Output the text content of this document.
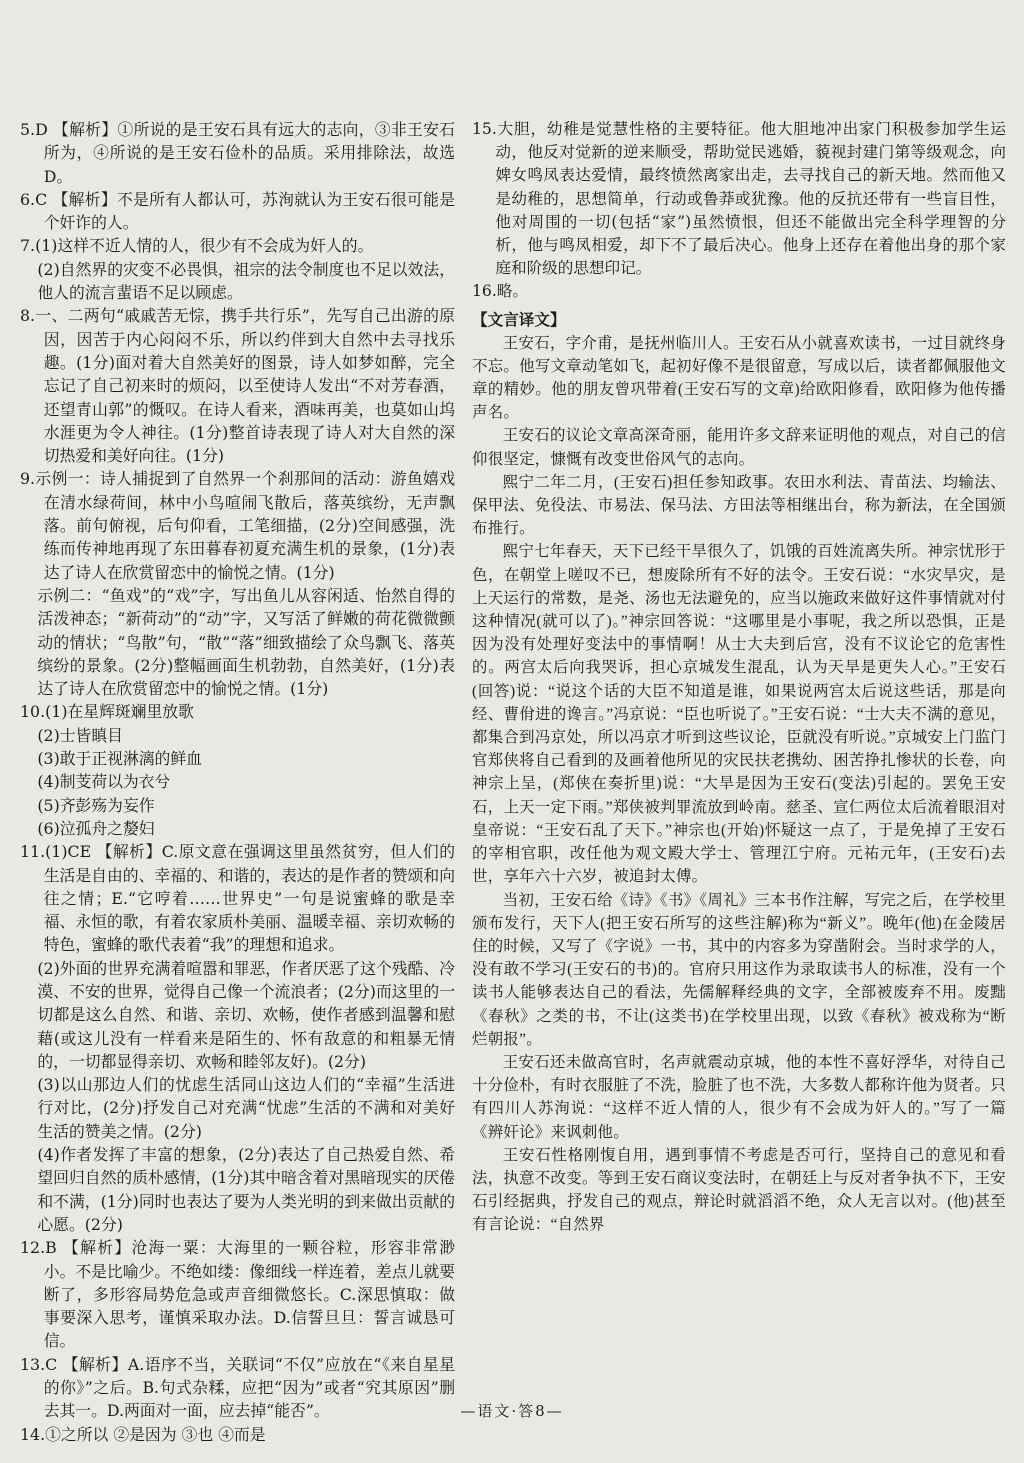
5.D 【解析】①所说的是王安石具有远大的志向，③非王安石所为，④所说的是王安石俭朴的品质。采用排除法，故选D。

6.C 【解析】不是所有人都认可，苏洵就认为王安石很可能是个奸诈的人。

7.(1)这样不近人情的人，很少有不会成为奸人的。

(2)自然界的灾变不必畏惧，祖宗的法令制度也不足以效法，他人的流言蜚语不足以顾虑。

8.一、二两句“戚戚苦无悰，携手共行乐”，先写自己出游的原因，因苦于内心闷闷不乐，所以约伴到大自然中去寻找乐趣。(1分)面对着大自然美好的图景，诗人如梦如醉，完全忘记了自己初来时的烦闷，以至使诗人发出“不对芳春酒，还望青山郭”的慨叹。在诗人看来，酒味再美，也莫如山坞水涯更为令人神往。(1分)整首诗表现了诗人对大自然的深切热爱和美好向往。(1分)

9.示例一：诗人捕捉到了自然界一个刹那间的活动：游鱼嬉戏在清水绿荷间，林中小鸟喧闹飞散后，落英缤纷，无声飘落。前句俯视，后句仰看，工笔细描，(2分)空间感强，洗练而传神地再现了东田暮春初夏充满生机的景象，(1分)表达了诗人在欣赏留恋中的愉悦之情。(1分)

示例二：“鱼戏”的“戏”字，写出鱼儿从容闲适、怡然自得的活泼神态；“新荷动”的“动”字，又写活了鲜嫩的荷花微微颤动的情状；“鸟散”句，“散”“落”细致描绘了众鸟飘飞、落英缤纷的景象。(2分)整幅画面生机勃勃，自然美好，(1分)表达了诗人在欣赏留恋中的愉悦之情。(1分)

10.(1)在星辉斑斓里放歌

(2)士皆瞋目

(3)敢于正视淋漓的鲜血

(4)制芰荷以为衣兮

(5)齐彭殇为妄作

(6)泣孤舟之嫠妇

11.(1)CE 【解析】C.原文意在强调这里虽然贫穷，但人们的生活是自由的、幸福的、和谐的，表达的是作者的赞颂和向往之情；E.“它哼着……世界史”一句是说蜜蜂的歌是幸福、永恒的歌，有着农家质朴美丽、温暖幸福、亲切欢畅的特色，蜜蜂的歌代表着“我”的理想和追求。

(2)外面的世界充满着喧嚣和罪恶，作者厌恶了这个残酷、冷漠、不安的世界，觉得自己像一个流浪者；(2分)而这里的一切都是这么自然、和谐、亲切、欢畅，使作者感到温馨和慰藉(或这儿没有一样看来是陌生的、怀有敌意的和粗暴无情的，一切都显得亲切、欢畅和睦邻友好)。(2分)

(3)以山那边人们的忧虑生活同山这边人们的“幸福”生活进行对比，(2分)抒发自己对充满“忧虑”生活的不满和对美好生活的赞美之情。(2分)

(4)作者发挥了丰富的想象，(2分)表达了自己热爱自然、希望回归自然的质朴感情，(1分)其中暗含着对黑暗现实的厌倦和不满，(1分)同时也表达了要为人类光明的到来做出贡献的心愿。(2分)

12.B 【解析】沧海一粟：大海里的一颗谷粒，形容非常渺小。不是比喻少。不绝如缕：像细线一样连着，差点儿就要断了，多形容局势危急或声音细微悠长。C.深思慎取：做事要深入思考，谨慎采取办法。D.信誓旦旦：誓言诚恳可信。

13.C 【解析】A.语序不当，关联词“不仅”应放在“《来自星星的你》”之后。B.句式杂糅，应把“因为”或者“究其原因”删去其一。D.两面对一面，应去掉“能否”。

14.①之所以 ②是因为 ③也 ④而是

15.大胆，幼稚是觉慧性格的主要特征。他大胆地冲出家门积极参加学生运动，他反对觉新的逆来顺受，帮助觉民逃婚，藐视封建门第等级观念，向婢女鸣凤表达爱情，最终愤然离家出走，去寻找自己的新天地。然而他又是幼稚的，思想简单，行动或鲁莽或犹豫。他的反抗还带有一些盲目性，他对周围的一切(包括“家”)虽然愤恨，但还不能做出完全科学理智的分析，他与鸣凤相爱，却下不了最后决心。他身上还存在着他出身的那个家庭和阶级的思想印记。

16.略。

【文言译文】

王安石，字介甫，是抚州临川人。王安石从小就喜欢读书，一过目就终身不忘。他写文章动笔如飞，起初好像不是很留意，写成以后，读者都佩服他文章的精妙。他的朋友曾巩带着(王安石写的文章)给欧阳修看，欧阳修为他传播声名。

王安石的议论文章高深奇丽，能用许多文辞来证明他的观点，对自己的信仰很坚定，慷慨有改变世俗风气的志向。

熙宁二年二月，(王安石)担任参知政事。农田水利法、青苗法、均输法、保甲法、免役法、市易法、保马法、方田法等相继出台，称为新法，在全国颁布推行。

熙宁七年春天，天下已经干旱很久了，饥饿的百姓流离失所。神宗忧形于色，在朝堂上嗟叹不已，想废除所有不好的法令。王安石说：“水灾旱灾，是上天运行的常数，是尧、汤也无法避免的，应当以施政来做好这件事情就对付这种情况(就可以了)。”神宗回答说：“这哪里是小事呢，我之所以恐惧，正是因为没有处理好变法中的事情啊！从士大夫到后宫，没有不议论它的危害性的。两宫太后向我哭诉，担心京城发生混乱，认为天旱是更失人心。”王安石(回答)说：“说这个话的大臣不知道是谁，如果说两宫太后说这些话，那是向经、曹佾进的谗言。”冯京说：“臣也听说了。”王安石说：“士大夫不满的意见，都集合到冯京处，所以冯京才听到这些议论，臣就没有听说。”京城安上门监门官郑侠将自己看到的及画着他所见的灾民扶老携幼、困苦挣扎惨状的长卷，向神宗上呈，(郑侠在奏折里)说：“大旱是因为王安石(变法)引起的。罢免王安石，上天一定下雨。”郑侠被判罪流放到岭南。慈圣、宣仁两位太后流着眼泪对皇帝说：“王安石乱了天下。”神宗也(开始)怀疑这一点了，于是免掉了王安石的宰相官职，改任他为观文殿大学士、管理江宁府。元祐元年，(王安石)去世，享年六十六岁，被追封太傅。

当初，王安石给《诗》《书》《周礼》三本书作注解，写完之后，在学校里颁布发行，天下人(把王安石所写的这些注解)称为“新义”。晚年(他)在金陵居住的时候，又写了《字说》一书，其中的内容多为穿凿附会。当时求学的人，没有敢不学习(王安石的书)的。官府只用这作为录取读书人的标准，没有一个读书人能够表达自己的看法，先儒解释经典的文字，全部被废弃不用。废黜《春秋》之类的书，不让(这类书)在学校里出现，以致《春秋》被戏称为“断烂朝报”。

王安石还未做高官时，名声就震动京城，他的本性不喜好浮华，对待自己十分俭朴，有时衣服脏了不洗，脸脏了也不洗，大多数人都称许他为贤者。只有四川人苏洵说：“这样不近人情的人，很少有不会成为奸人的。”写了一篇《辨奸论》来讽刺他。

王安石性格刚愎自用，遇到事情不考虑是否可行，坚持自己的意见和看法，执意不改变。等到王安石商议变法时，在朝廷上与反对者争执不下，王安石引经据典，抒发自己的观点，辩论时就滔滔不绝，众人无言以对。(他)甚至有言论说：“自然界

—语文·答8—
